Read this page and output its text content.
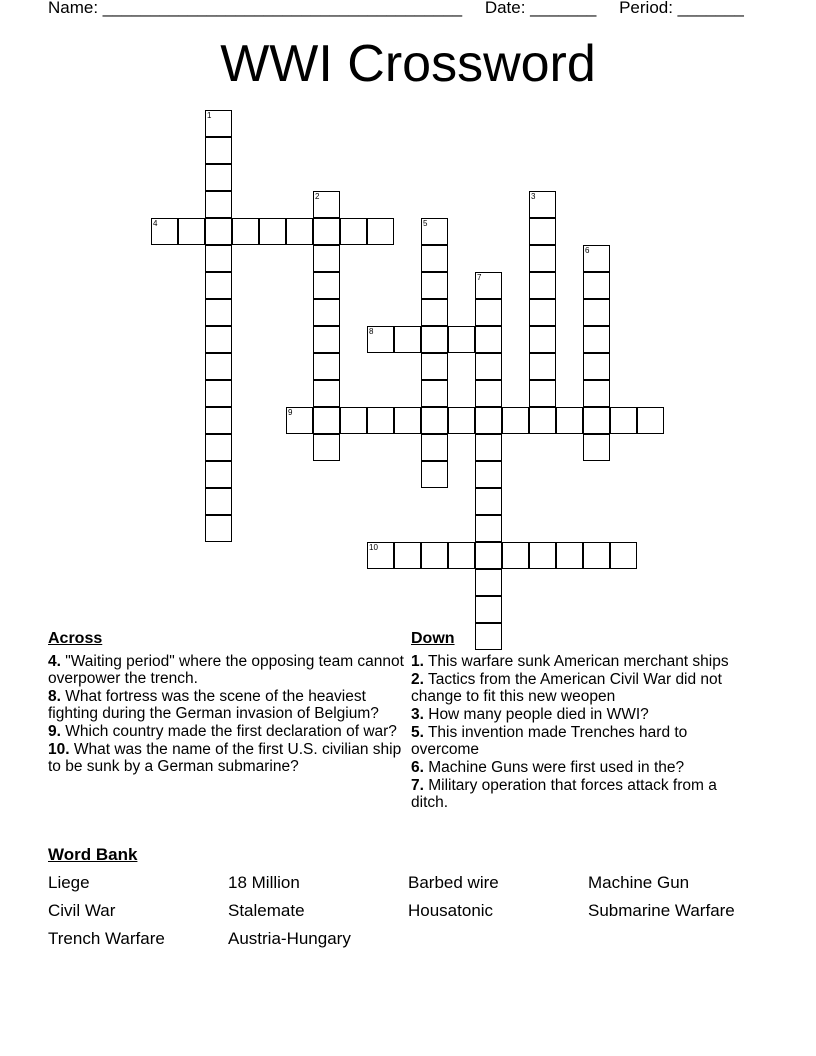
Name: ______________________________________ Date: _______ Period: _______
WWI Crossword
1
2	3
4	5
6
7
8
9
10
Across
4. "Waiting period" where the opposing team cannot overpower the trench.
8. What fortress was the scene of the heaviest fighting during the German invasion of Belgium?
9. Which country made the first declaration of war?
10. What was the name of the first U.S. civilian ship to be sunk by a German submarine?
Down
1. This warfare sunk American merchant ships
2. Tactics from the American Civil War did not change to fit this new weopen
3. How many people died in WWI?
5. This invention made Trenches hard to overcome
6. Machine Guns were first used in the?
7. Military operation that forces attack from a ditch.
Word Bank
Liege	18 Million	Barbed wire	Machine Gun
Civil War	Stalemate	Housatonic	Submarine Warfare
Trench Warfare	Austria-Hungary
